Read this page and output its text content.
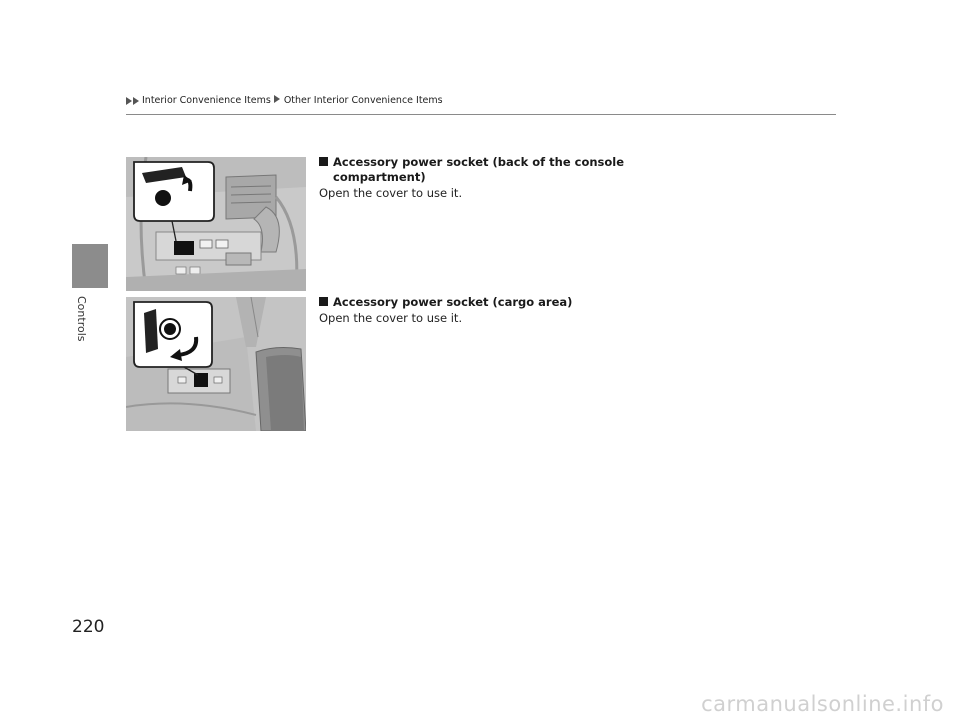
Interior Convenience Items Other Interior Convenience Items
Controls
Accessory power socket (back of the console compartment)
Open the cover to use it.
Accessory power socket (cargo area)
Open the cover to use it.
220
carmanualsonline.info
